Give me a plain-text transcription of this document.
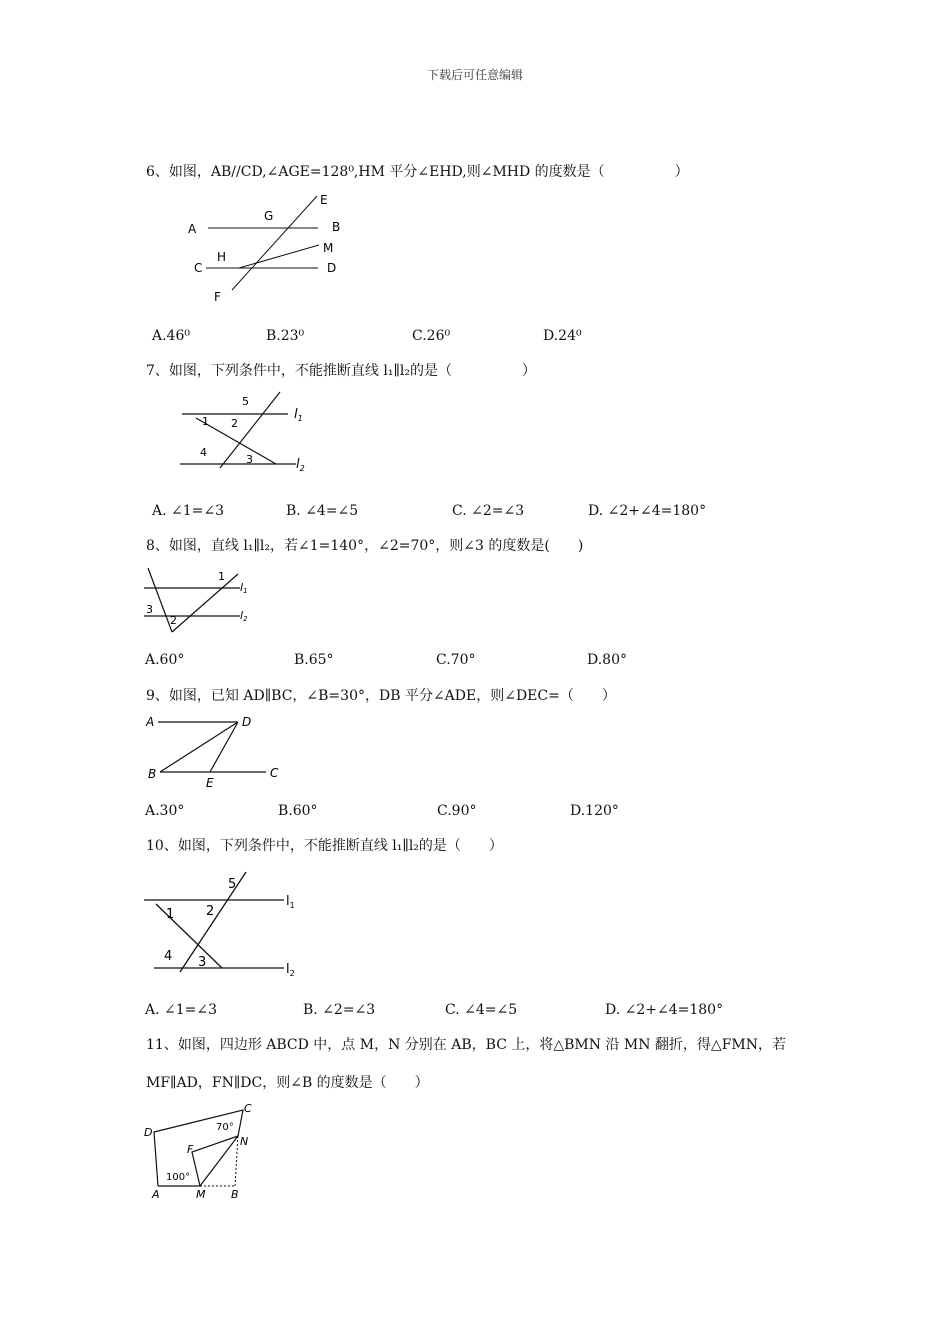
下载后可任意编辑
6、如图，AB//CD,∠AGE=128⁰,HM 平分∠EHD,则∠MHD 的度数是（　　　　　）
A	B
C	D
E
F
G
H
M
A.46⁰	B.23⁰	C.26⁰	D.24⁰
7、如图，下列条件中，不能推断直线 l₁∥l₂的是（　　　　　）
1 2
3
4
5
$l_1$
$l_2$
A. ∠1=∠3	B. ∠4=∠5	C. ∠2=∠3	D. ∠2+∠4=180°
8、如图，直线 l₁∥l₂，若∠1=140°，∠2=70°，则∠3 的度数是(　　)
1
2
3
l1
l2
A.60°	B.65°	C.70°	D.80°
9、如图，已知 AD∥BC，∠B=30°，DB 平分∠ADE，则∠DEC=（　　）
A	D
B
E
C
A.30°	B.60°	C.90°	D.120°
10、如图，下列条件中，不能推断直线 l₁∥l₂的是（　　）
1 2
3
4
5
$l_1$
$l_2$
A. ∠1=∠3	B. ∠2=∠3	C. ∠4=∠5	D. ∠2+∠4=180°
11、如图，四边形 ABCD 中，点 M，N 分别在 AB，BC 上，将△BMN 沿 MN 翻折，得△FMN，若
MF∥AD，FN∥DC，则∠B 的度数是（　　）
D
C
70°
F
N
100°
A	M B
